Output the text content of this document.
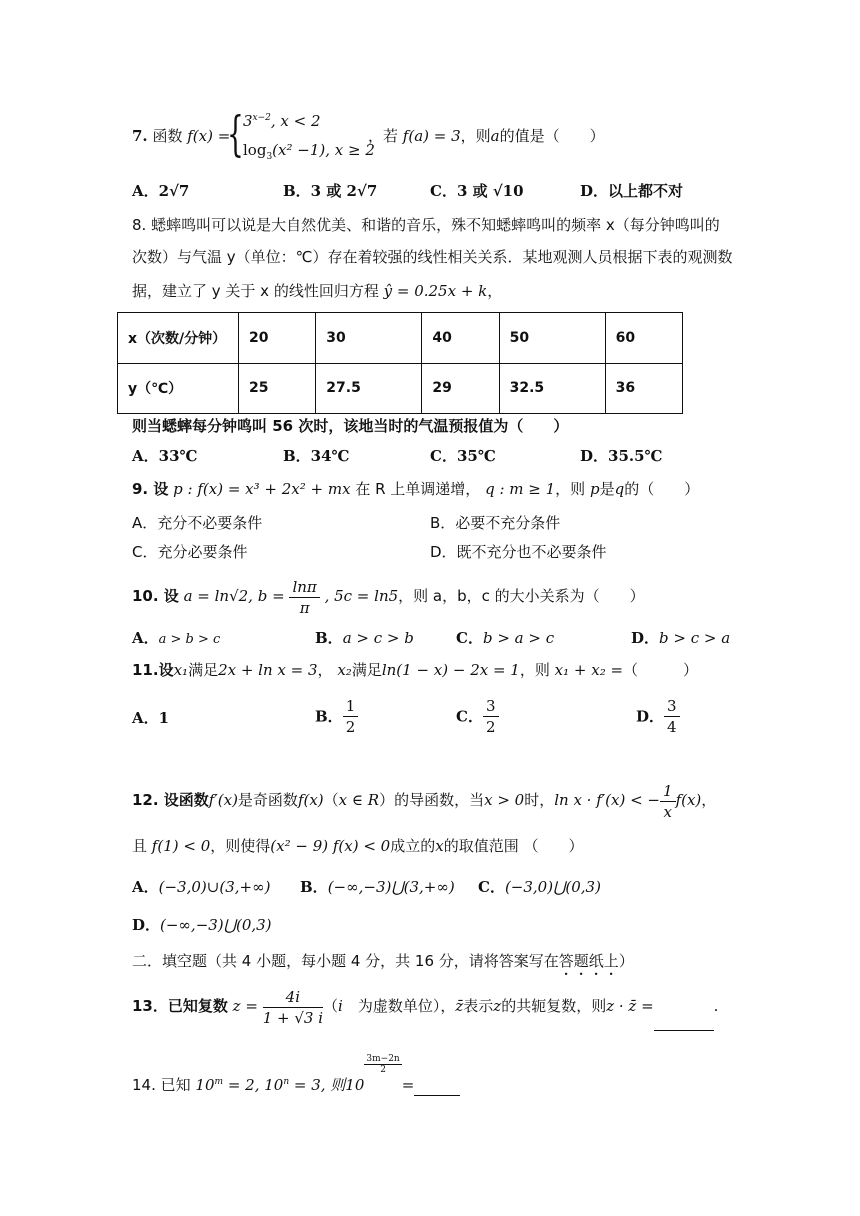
7. 函数 f(x) =
{ $3^{x-2}$, x < 2
$\log_3(x^2 -1)$, x ≥ 2
，若 f(a) = 3，则a的值是（　　）
A．2√7	B．3 或 2√7	C．3 或 √10	D．以上都不对
8. 蟋蟀鸣叫可以说是大自然优美、和谐的音乐，殊不知蟋蟀鸣叫的频率 x（每分钟鸣叫的
次数）与气温 y（单位：℃）存在着较强的线性相关关系．某地观测人员根据下表的观测数
据，建立了 y 关于 x 的线性回归方程 ŷ = 0.25x + k，
x（次数/分钟）	20	30	40	50	60
y（℃）	25	27.5	29	32.5	36
则当蟋蟀每分钟鸣叫 56 次时，该地当时的气温预报值为（　　）
A．33℃	B．34℃	C．35℃	D．35.5℃
9. 设 p : f(x) = x³ + 2x² + mx 在 R 上单调递增， q : m ≥ 1，则 p是q的（　　）
A．充分不必要条件	B．必要不充分条件
C．充分必要条件	D．既不充分也不必要条件
10. 设 a = ln√2, $b = \frac{\ln\pi}{\pi}$ , 5c = ln5，则 a，b，c 的大小关系为（　　）
A．a > b > c	B．a > c > b	C．b > a > c	D．b > c > a
11.设x₁满足2x + ln x = 3， x₂满足ln(1 − x) − 2x = 1，则 x₁ + x₂ =（　　　）
A．1	B． $\frac{1}{2}$	C． $\frac{3}{2}$	D． $\frac{3}{4}$
12. 设函数f′(x)是奇函数f(x)（x ∈ R）的导函数，当x > 0时，ln x · f′(x) < − $\frac{1}{x} f(x)$，
且 f(1) < 0，则使得(x² − 9) f(x) < 0成立的x的取值范围 （　　）
A．(−3,0)∪(3,+∞) B．(−∞,−3)⋃(3,+∞) C．(−3,0)⋃(0,3)
D．(−∞,−3)⋃(0,3)
二．填空题（共 4 小题，每小题 4 分，共 16 分，请将答案写在答题纸上）
13．已知复数 $z = \frac{4i}{1 + √3 i} (i$　为虚数单位），z̄表示z的共轭复数，则z · z̄ =	.
14. 已知 $10^m = 2$, $10^n = 3$, 则10
$\frac{3m-2n}{2}$
=
